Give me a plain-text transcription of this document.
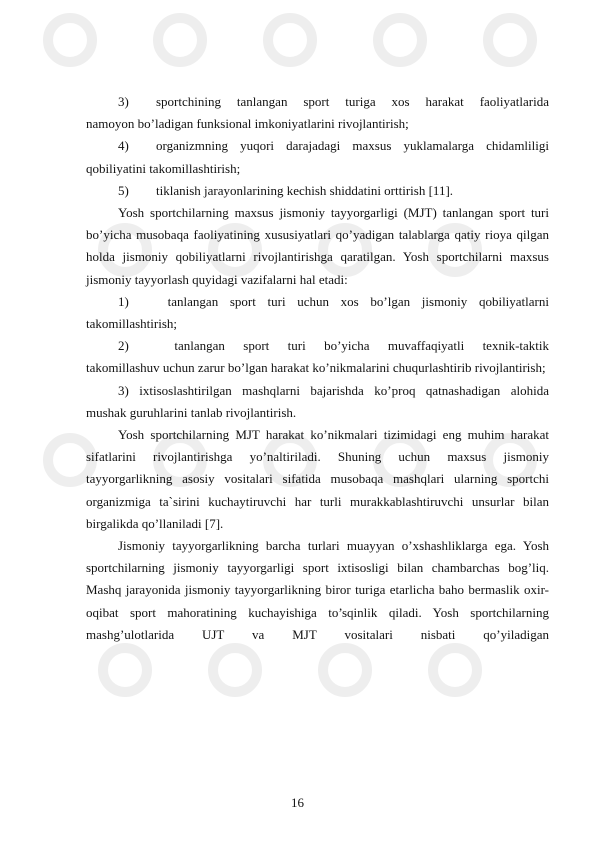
3)	sportchining tanlangan sport turiga xos harakat faoliyatlarida

namoyon bo’ladigan funksional imkoniyatlarini rivojlantirish;

4)	organizmning yuqori darajadagi maxsus yuklamalarga chidamliligi

qobiliyatini takomillashtirish;

5)	tiklanish jarayonlarining kechish shiddatini orttirish [11].

Yosh sportchilarning maxsus jismoniy tayyorgarligi (MJT) tanlangan sport turi bo’yicha musobaqa faoliyatining xususiyatlari qo’yadigan talablarga qatiy rioya qilgan holda jismoniy qobiliyatlarni rivojlantirishga qaratilgan. Yosh sportchilarni maxsus jismoniy tayyorlash quyidagi vazifalarni hal etadi:

1)	tanlangan sport turi uchun xos bo’lgan jismoniy qobiliyatlarni

takomillashtirish;

2)	tanlangan sport turi bo’yicha muvaffaqiyatli texnik-taktik

takomillashuv uchun zarur bo’lgan harakat ko’nikmalarini chuqurlashtirib rivojlantirish;

3) ixtisoslashtirilgan mashqlarni bajarishda ko’proq qatnashadigan alohida mushak guruhlarini tanlab rivojlantirish.

Yosh sportchilarning MJT harakat ko’nikmalari tizimidagi eng muhim harakat sifatlarini rivojlantirishga yo’naltiriladi. Shuning uchun maxsus jismoniy tayyorgarlikning asosiy vositalari sifatida musobaqa mashqlari ularning sportchi organizmiga ta`sirini kuchaytiruvchi har turli murakkablashtiruvchi unsurlar bilan birgalikda qo’llaniladi [7].

Jismoniy tayyorgarlikning barcha turlari muayyan o’xshashliklarga ega. Yosh sportchilarning jismoniy tayyorgarligi sport ixtisosligi bilan chambarchas bog’liq. Mashq jarayonida jismoniy tayyorgarlikning biror turiga etarlicha baho bermaslik oxir-oqibat sport mahoratining kuchayishiga to’sqinlik qiladi. Yosh sportchilarning mashg’ulotlarida UJT va MJT vositalari nisbati qo’yiladigan

16
